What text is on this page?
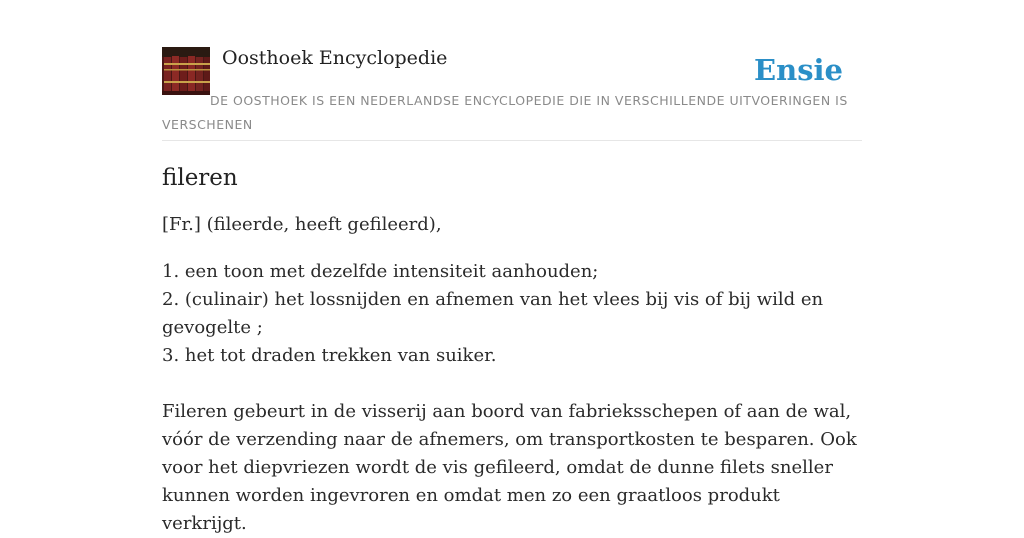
Oosthoek Encyclopedie	Ensie
DE OOSTHOEK IS EEN NEDERLANDSE ENCYCLOPEDIE DIE IN VERSCHILLENDE UITVOERINGEN IS VERSCHENEN
fileren

[Fr.] (fileerde, heeft gefileerd),

1. een toon met dezelfde intensiteit aanhouden;
2. (culinair) het lossnijden en afnemen van het vlees bij vis of bij wild en gevogelte ;
3. het tot draden trekken van suiker.

Fileren gebeurt in de visserij aan boord van fabrieksschepen of aan de wal, vóór de verzending naar de afnemers, om transportkosten te besparen. Ook voor het diepvriezen wordt de vis gefileerd, omdat de dunne filets sneller kunnen worden ingevroren en omdat men zo een graatloos produkt verkrijgt.
